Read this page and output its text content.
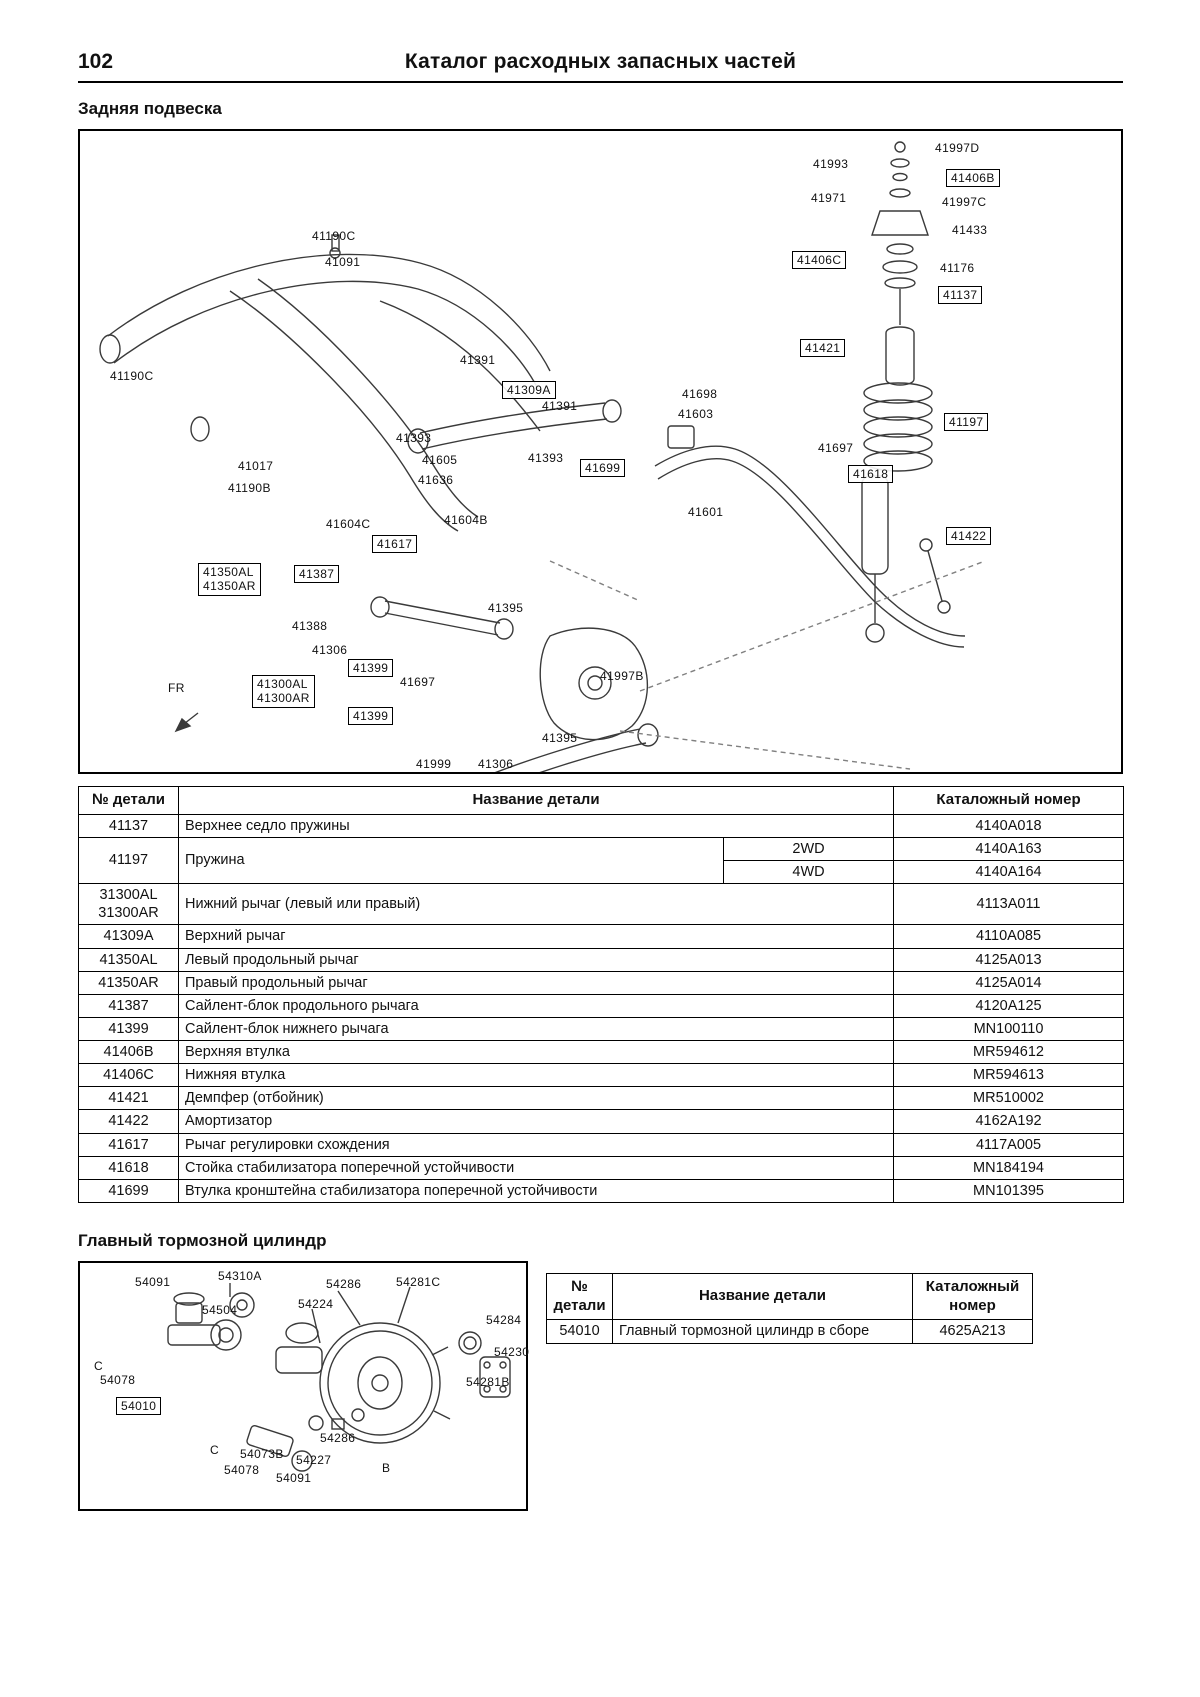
102	Каталог расходных запасных частей
Задняя подвеска
41997D
41993
41406B
41971	41997C
41433
41406C
41176
41137
41421
41197
41190C
41091
41190C
41391
41309A
41391
41698
41603
41393
41605
41636
41393
41699
41697
41618
41017
41190B
41604C	41604B
41617
41601
41422
41350AL
41350AR
41387
41395
41388
41306
41399
41697	41997B
41300AL
41300AR
41399
FR
41395
41999 41306
№ детали	Название детали		Каталожный номер
41137	Верхнее седло пружины		4140A018
41197	Пружина	2WD	4140A163
		4WD	4140A164

31300AL
31300AR	Нижний рычаг (левый или правый)		4113A011
41309A	Верхний рычаг		4110A085
41350AL	Левый продольный рычаг		4125A013
41350AR	Правый продольный рычаг		4125A014
41387	Сайлент-блок продольного рычага		4120A125
41399	Сайлент-блок нижнего рычага		MN100110
41406B	Верхняя втулка		MR594612
41406C	Нижняя втулка		MR594613
41421	Демпфер (отбойник)		MR510002
41422	Амортизатор		4162A192
41617	Рычаг регулировки схождения		4117A005
41618	Стойка стабилизатора поперечной устойчивости		MN184194
41699	Втулка кронштейна стабилизатора поперечной устойчивости		MN101395
Главный тормозной цилиндр
54091	54310A
54504
54286
54224
54281C
54284
54230
54281B
C
54078
54010
54286
C 54073B 54227
54078
54091
B
№ детали	Название детали	Каталожный номер
54010	Главный тормозной цилиндр в сборе	4625A213
